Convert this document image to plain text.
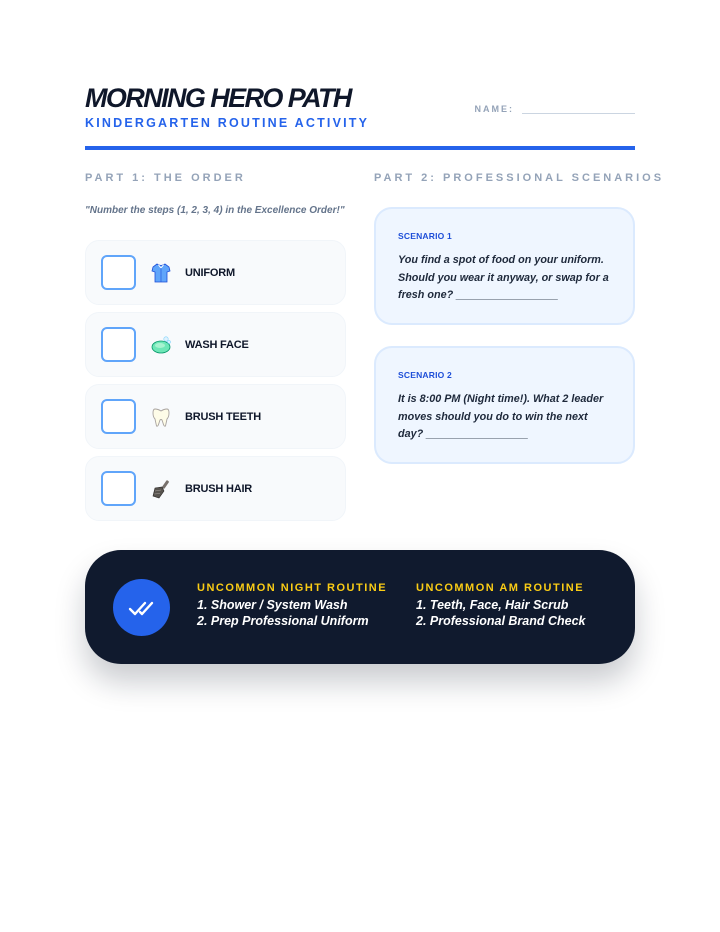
MORNING HERO PATH
KINDERGARTEN ROUTINE ACTIVITY
NAME:
PART 1: THE ORDER
"Number the steps (1, 2, 3, 4) in the Excellence Order!"
UNIFORM
WASH FACE
BRUSH TEETH
BRUSH HAIR
PART 2: PROFESSIONAL SCENARIOS
SCENARIO 1
You find a spot of food on your uniform. Should you wear it anyway, or swap for a fresh one? _________________
SCENARIO 2
It is 8:00 PM (Night time!). What 2 leader moves should you do to win the next day? _________________
UNCOMMON NIGHT ROUTINE
1. Shower / System Wash
2. Prep Professional Uniform
UNCOMMON AM ROUTINE
1. Teeth, Face, Hair Scrub
2. Professional Brand Check
